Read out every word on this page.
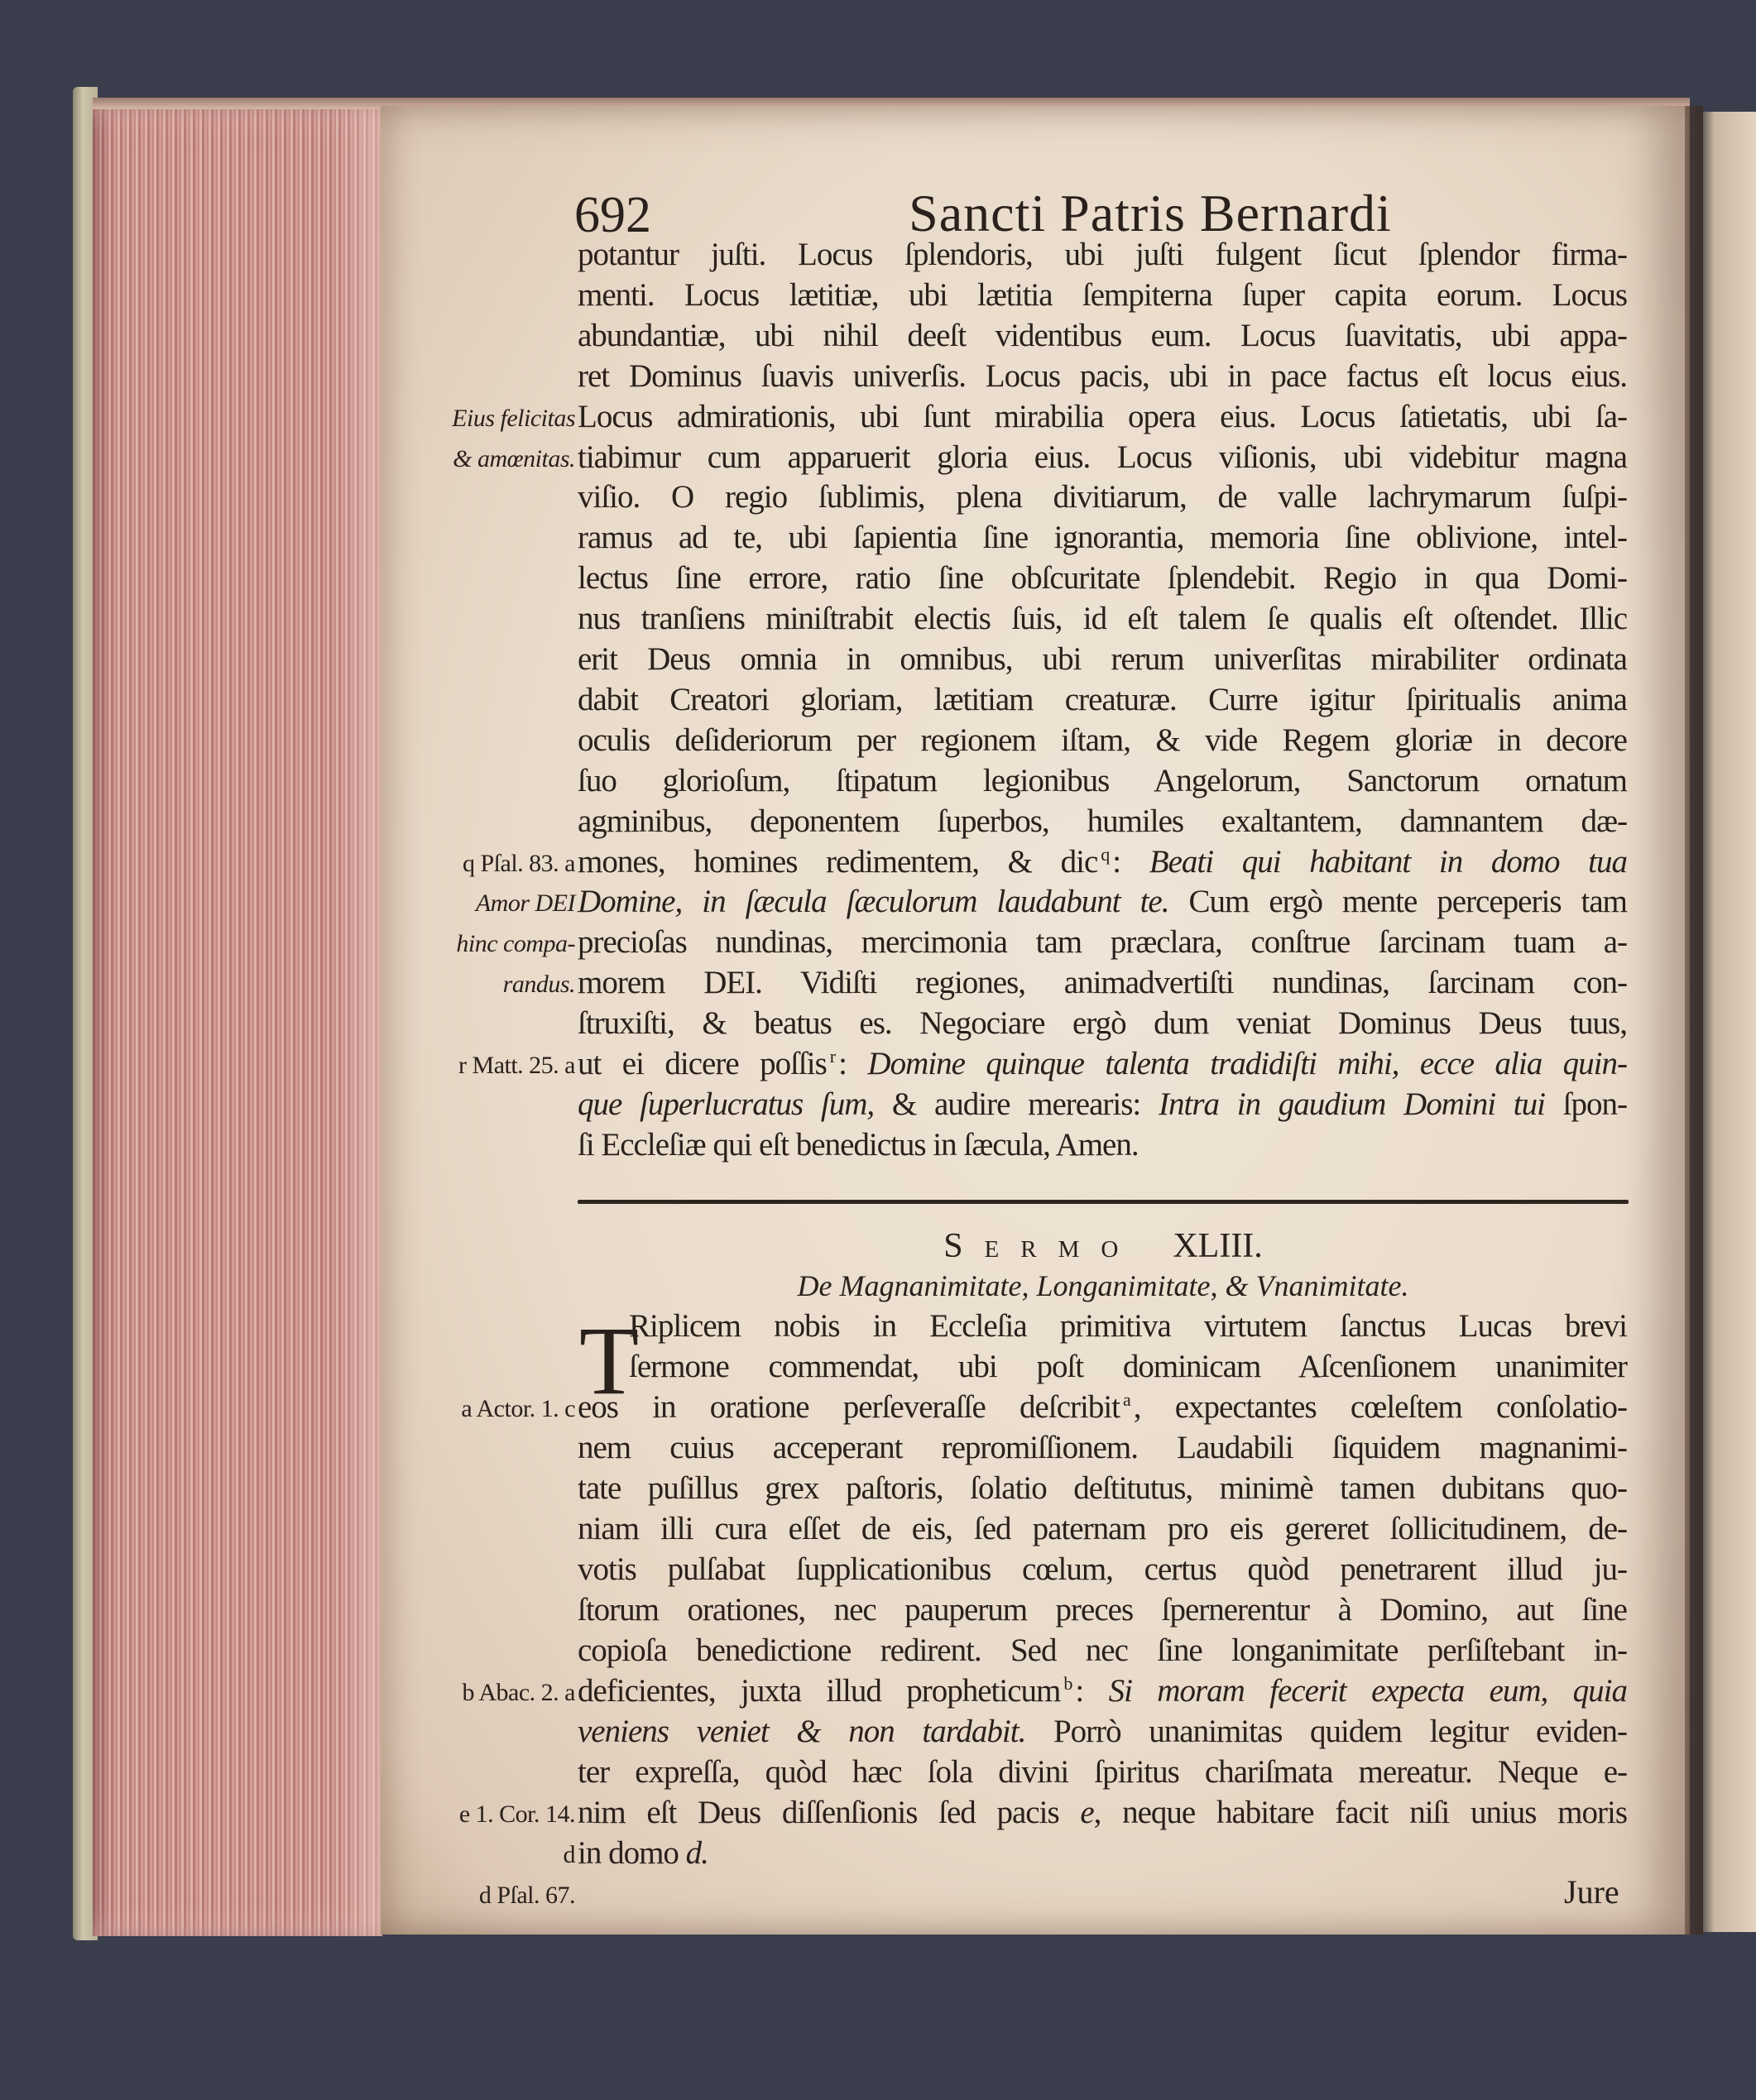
692	Sancti Patris Bernardi
potantur juſti. Locus ſplendoris, ubi juſti fulgent ſicut ſplendor firma-
menti. Locus lætitiæ, ubi lætitia ſempiterna ſuper capita eorum. Locus
abundantiæ, ubi nihil deeſt videntibus eum. Locus ſuavitatis, ubi appa-
ret Dominus ſuavis univerſis. Locus pacis, ubi in pace factus eſt locus eius.
Locus admirationis, ubi ſunt mirabilia opera eius. Locus ſatietatis, ubi ſa-
tiabimur cum apparuerit gloria eius. Locus viſionis, ubi videbitur magna
viſio. O regio ſublimis, plena divitiarum, de valle lachrymarum ſuſpi-
ramus ad te, ubi ſapientia ſine ignorantia, memoria ſine oblivione, intel-
lectus ſine errore, ratio ſine obſcuritate ſplendebit. Regio in qua Domi-
nus tranſiens miniſtrabit electis ſuis, id eſt talem ſe qualis eſt oſtendet. Illic
erit Deus omnia in omnibus, ubi rerum univerſitas mirabiliter ordinata
dabit Creatori gloriam, lætitiam creaturæ. Curre igitur ſpiritualis anima
oculis deſideriorum per regionem iſtam, & vide Regem gloriæ in decore
ſuo glorioſum, ſtipatum legionibus Angelorum, Sanctorum ornatum
agminibus, deponentem ſuperbos, humiles exaltantem, damnantem dæ-
mones, homines redimentem, & dic $^q$ : Beati qui habitant in domo tua
Domine, in ſæcula ſæculorum laudabunt te. Cum ergò mente perceperis tam
precioſas nundinas, mercimonia tam præclara, conſtrue ſarcinam tuam a-
morem DEI. Vidiſti regiones, animadvertiſti nundinas, ſarcinam con-
ſtruxiſti, & beatus es. Negociare ergò dum veniat Dominus Deus tuus,
ut ei dicere poſſis $^r$ : Domine quinque talenta tradidiſti mihi, ecce alia quin-
que ſuperlucratus ſum, & audire merearis: Intra in gaudium Domini tui ſpon-
ſi Eccleſiæ qui eſt benedictus in ſæcula, Amen.
Eius felicitas
& amœnitas.
q Pſal. 83. a
Amor DEI
hinc compa-
randus.
r Matt. 25. a
Sermo XLIII.
De Magnanimitate, Longanimitate, & Vnanimitate.
T
Riplicem nobis in Eccleſia primitiva virtutem ſanctus Lucas brevi
ſermone commendat, ubi poſt dominicam Aſcenſionem unanimiter
eos in oratione perſeveraſſe deſcribit $^a$ , expectantes cœleſtem conſolatio-
nem cuius acceperant repromiſſionem. Laudabili ſiquidem magnanimi-
tate puſillus grex paſtoris, ſolatio deſtitutus, minimè tamen dubitans quo-
niam illi cura eſſet de eis, ſed paternam pro eis gereret ſollicitudinem, de-
votis pulſabat ſupplicationibus cœlum, certus quòd penetrarent illud ju-
ſtorum orationes, nec pauperum preces ſpernerentur à Domino, aut ſine
copioſa benedictione redirent. Sed nec ſine longanimitate perſiſtebant in-
deficientes, juxta illud propheticum $^b$ : Si moram fecerit expecta eum, quia
veniens veniet & non tardabit. Porrò unanimitas quidem legitur eviden-
ter expreſſa, quòd hæc ſola divini ſpiritus chariſmata mereatur. Neque e-
nim eſt Deus diſſenſionis ſed pacis e, neque habitare facit niſi unius moris
in domo d.
a Actor. 1. c
b Abac. 2. a
e 1. Cor. 14.
d
d Pſal. 67.	Jure
